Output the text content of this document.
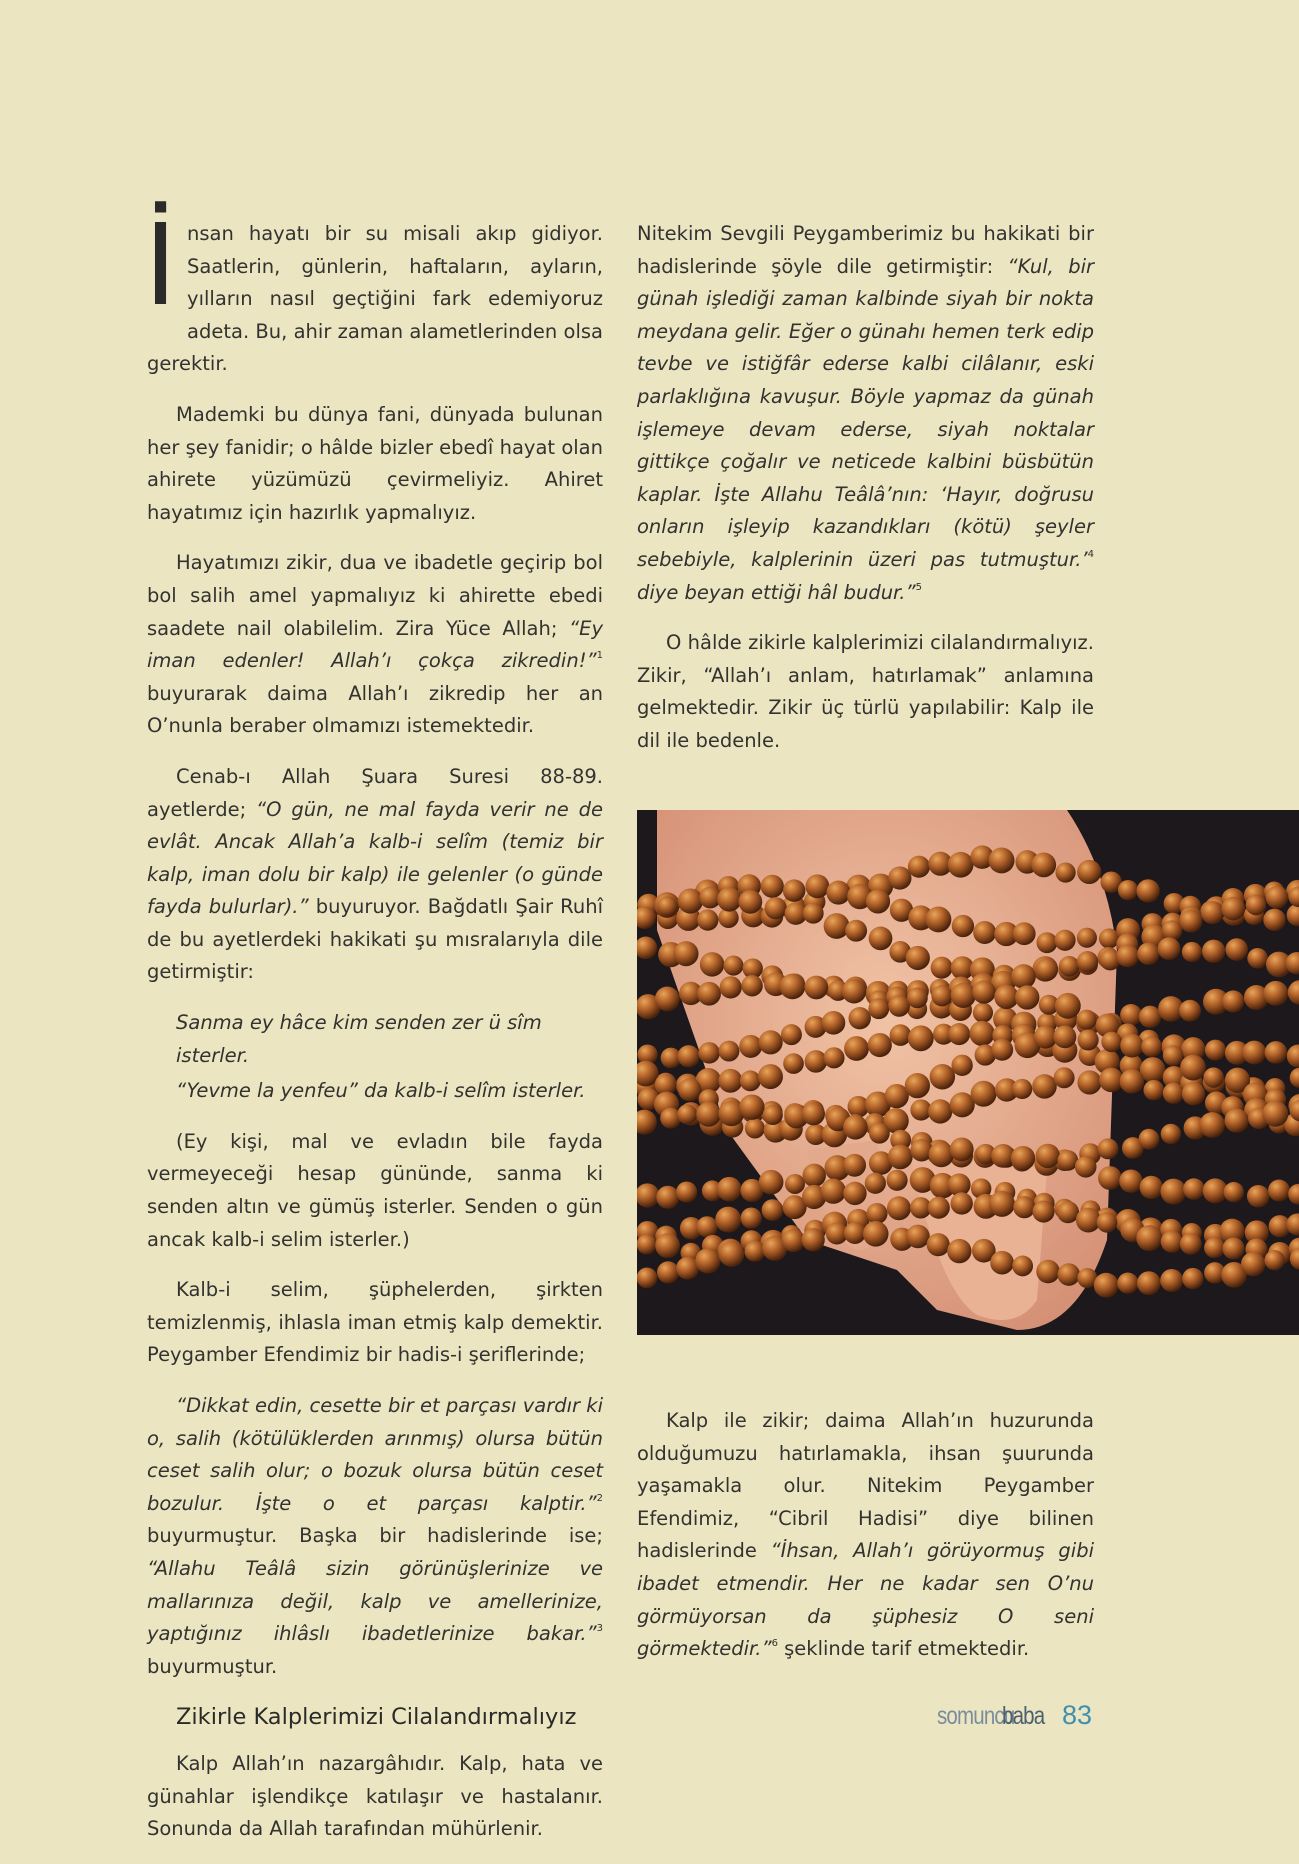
İnsan hayatı bir su misali akıp gidiyor. Saatlerin, günlerin, haftaların, ayların, yılların nasıl geçtiğini fark edemiyoruz adeta. Bu, ahir zaman alametlerinden olsa gerektir.

Mademki bu dünya fani, dünyada bulunan her şey fanidir; o hâlde bizler ebedî hayat olan ahirete yüzümüzü çevirmeliyiz. Ahiret hayatımız için hazırlık yapmalıyız.

Hayatımızı zikir, dua ve ibadetle geçirip bol bol salih amel yapmalıyız ki ahirette ebedi saadete nail olabilelim. Zira Yüce Allah; “Ey iman edenler! Allah’ı çokça zikredin!”$^1$ buyurarak daima Allah’ı zikredip her an O’nunla beraber olmamızı istemektedir.

Cenab-ı Allah Şuara Suresi 88-89. ayetlerde; “O gün, ne mal fayda verir ne de evlât. Ancak Allah’a kalb-i selîm (temiz bir kalp, iman dolu bir kalp) ile gelenler (o günde fayda bulurlar).” buyuruyor. Bağdatlı Şair Ruhî de bu ayetlerdeki hakikati şu mısralarıyla dile getirmiştir:

Sanma ey hâce kim senden zer ü sîm isterler.

“Yevme la yenfeu” da kalb-i selîm isterler.

(Ey kişi, mal ve evladın bile fayda vermeyeceği hesap gününde, sanma ki senden altın ve gümüş isterler. Senden o gün ancak kalb-i selim isterler.)

Kalb-i selim, şüphelerden, şirkten temizlenmiş, ihlasla iman etmiş kalp demektir. Peygamber Efendimiz bir hadis-i şeriflerinde;

“Dikkat edin, cesette bir et parçası vardır ki o, salih (kötülüklerden arınmış) olursa bütün ceset salih olur; o bozuk olursa bütün ceset bozulur. İşte o et parçası kalptir.”$^2$ buyurmuştur. Başka bir hadislerinde ise; “Allahu Teâlâ sizin görünüşlerinize ve mallarınıza değil, kalp ve amellerinize, yaptığınız ihlâslı ibadetlerinize bakar.”$^3$ buyurmuştur.

Zikirle Kalplerimizi Cilalandırmalıyız

Kalp Allah’ın nazargâhıdır. Kalp, hata ve günahlar işlendikçe katılaşır ve hastalanır. Sonunda da Allah tarafından mühürlenir.

Nitekim Sevgili Peygamberimiz bu hakikati bir hadislerinde şöyle dile getirmiştir: “Kul, bir günah işlediği zaman kalbinde siyah bir nokta meydana gelir. Eğer o günahı hemen terk edip tevbe ve istiğfâr ederse kalbi cilâlanır, eski parlaklığına kavuşur. Böyle yapmaz da günah işlemeye devam ederse, siyah noktalar gittikçe çoğalır ve neticede kalbini büsbütün kaplar. İşte Allahu Teâlâ’nın: ‘Hayır, doğrusu onların işleyip kazandıkları (kötü) şeyler sebebiyle, kalplerinin üzeri pas tutmuştur.’$^4$ diye beyan ettiği hâl budur.”$^5$

O hâlde zikirle kalplerimizi cilalandırmalıyız. Zikir, “Allah’ı anlam, hatırlamak” anlamına gelmektedir. Zikir üç türlü yapılabilir: Kalp ile dil ile bedenle.

Kalp ile zikir; daima Allah’ın huzurunda olduğumuzu hatırlamakla, ihsan şuurunda yaşamakla olur. Nitekim Peygamber Efendimiz, “Cibril Hadisi” diye bilinen hadislerinde “İhsan, Allah’ı görüyormuş gibi ibadet etmendir. Her ne kadar sen O’nu görmüyorsan da şüphesiz O seni görmektedir.”$^6$ şeklinde tarif etmektedir.

somuncu
baba 83
